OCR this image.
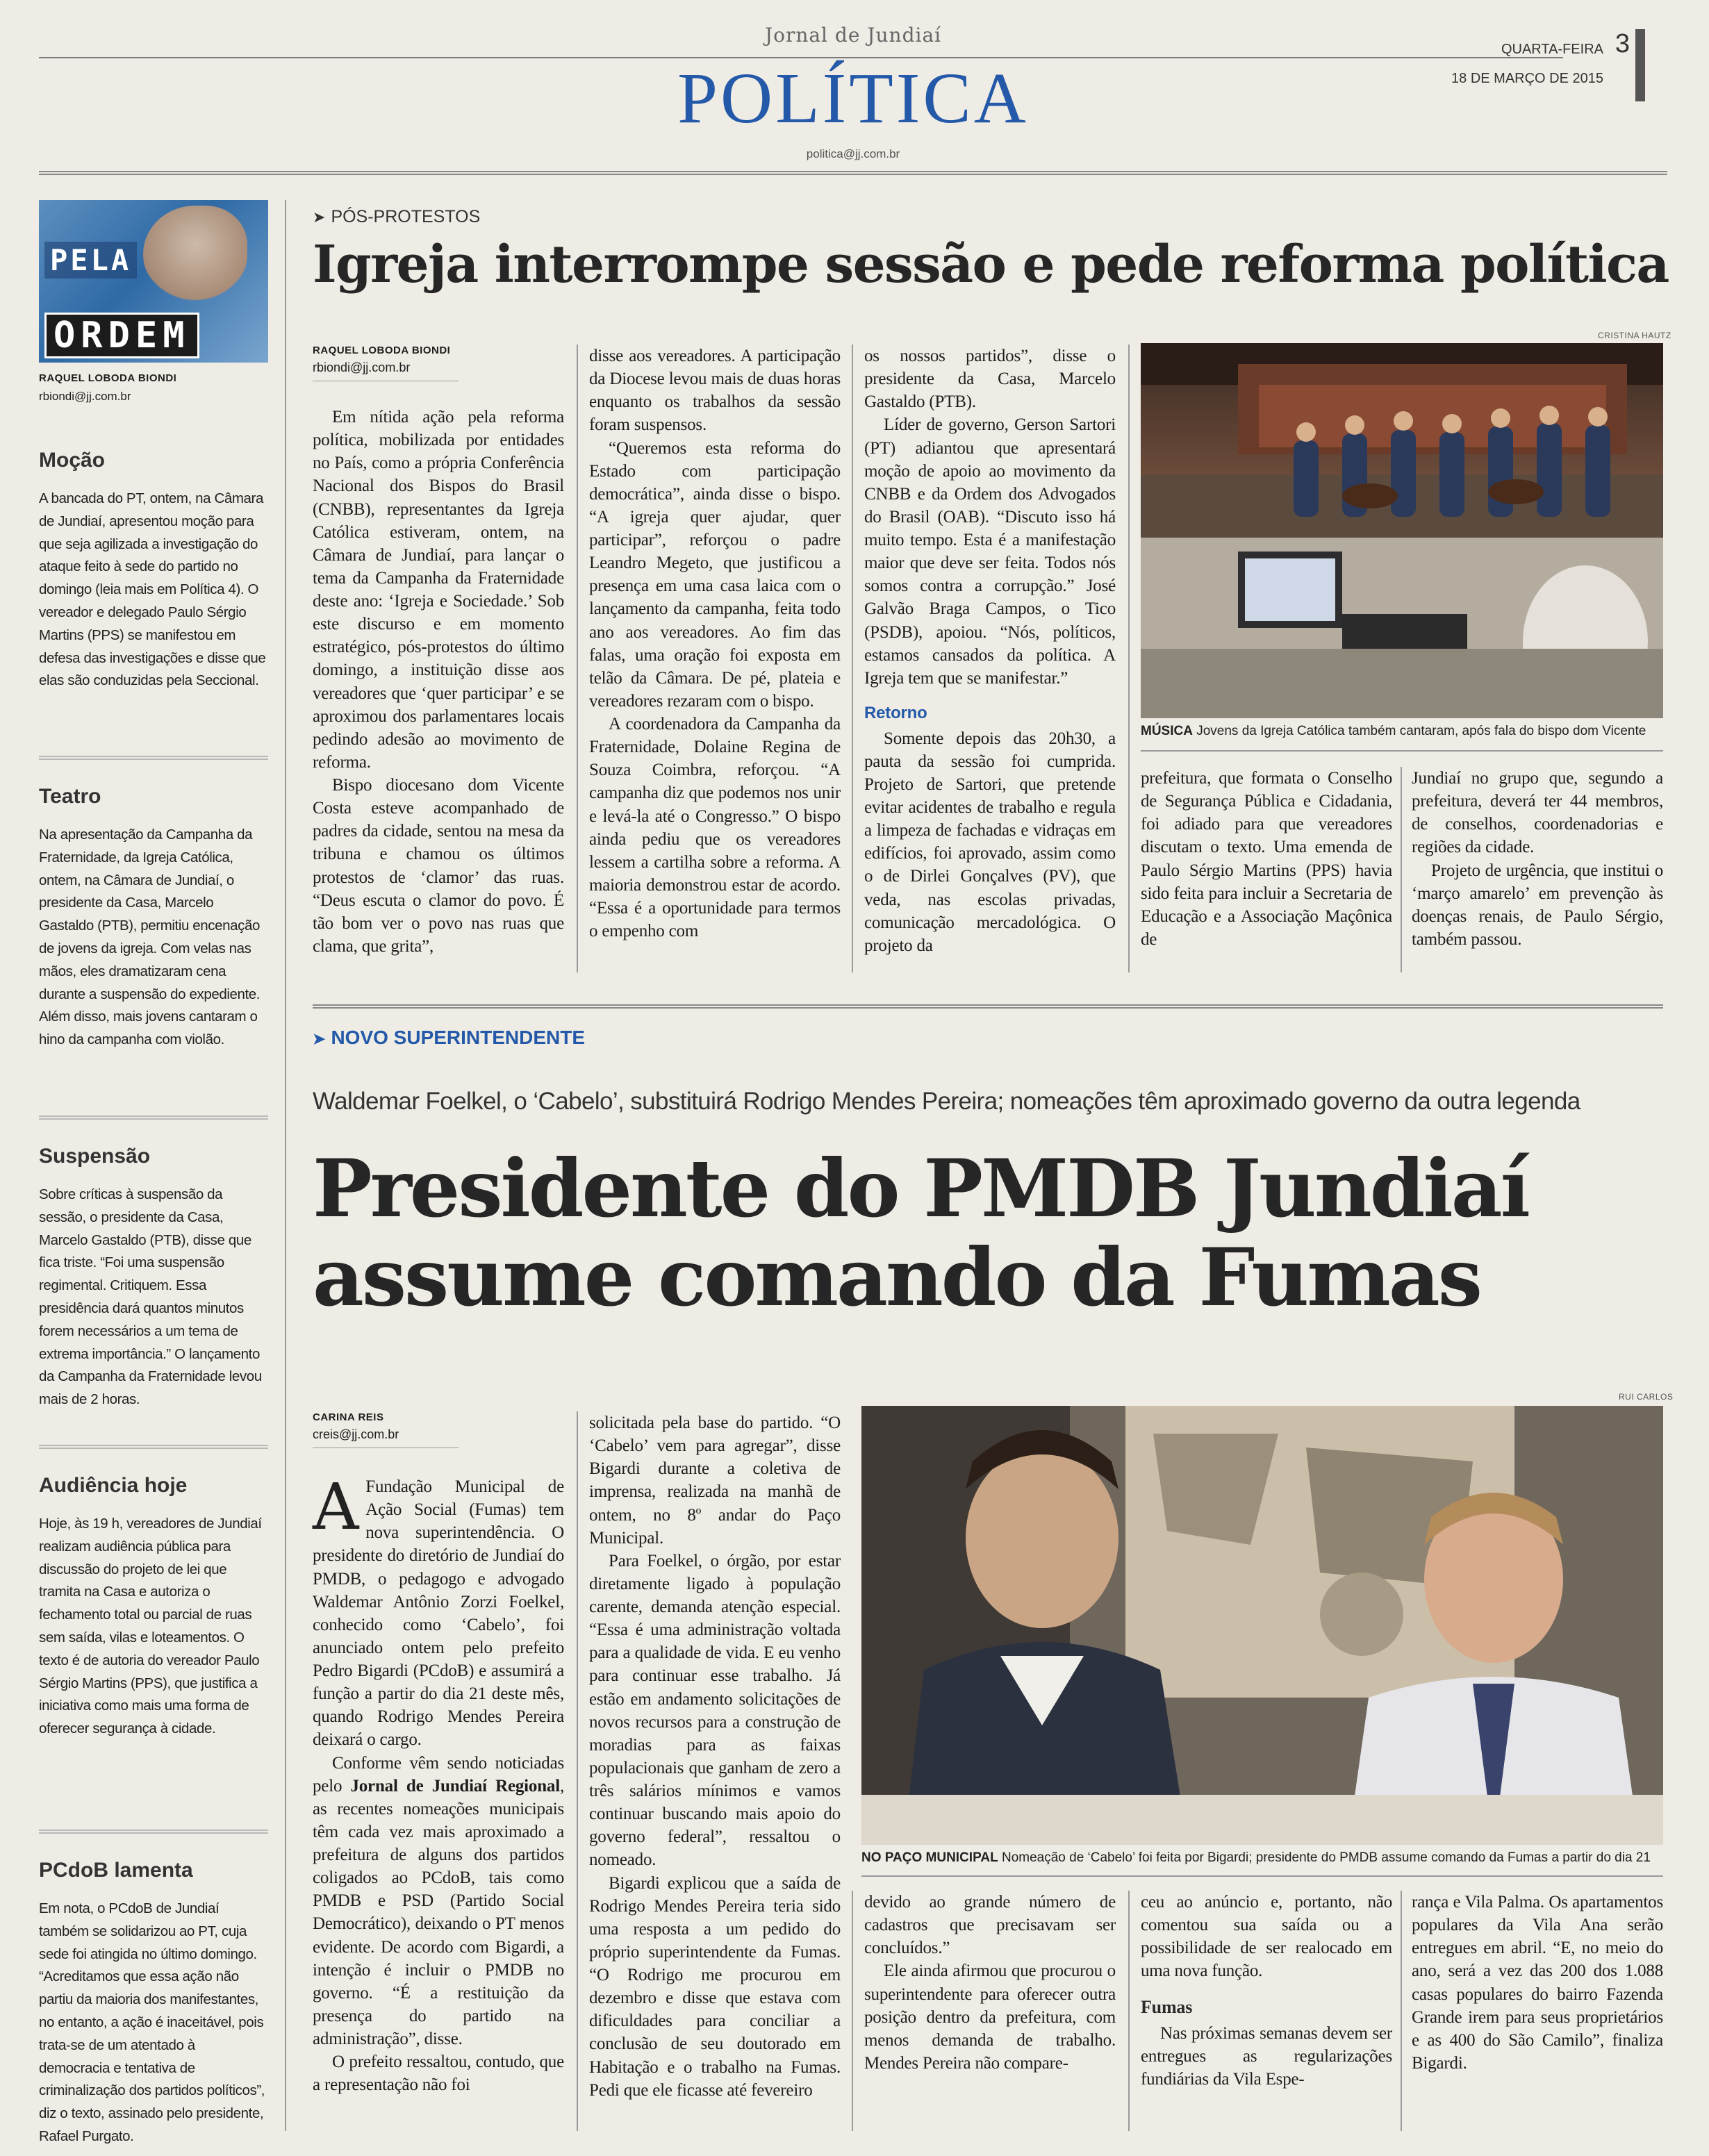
Jornal de Jundiaí
POLÍTICA
politica@jj.com.br
QUARTA-FEIRA
18 DE MARÇO DE 2015
3
PELA
ORDEM
RAQUEL LOBODA BIONDI
rbiondi@jj.com.br
Moção
A bancada do PT, ontem, na Câmara de Jundiaí, apresentou moção para que seja agilizada a investigação do ataque feito à sede do partido no domingo (leia mais em Política 4). O vereador e delegado Paulo Sérgio Martins (PPS) se manifestou em defesa das investigações e disse que elas são conduzidas pela Seccional.
Teatro
Na apresentação da Campanha da Fraternidade, da Igreja Católica, ontem, na Câmara de Jundiaí, o presidente da Casa, Marcelo Gastaldo (PTB), permitiu encenação de jovens da igreja. Com velas nas mãos, eles dramatizaram cena durante a suspensão do expediente. Além disso, mais jovens cantaram o hino da campanha com violão.
Suspensão
Sobre críticas à suspensão da sessão, o presidente da Casa, Marcelo Gastaldo (PTB), disse que fica triste. “Foi uma suspensão regimental. Critiquem. Essa presidência dará quantos minutos forem necessários a um tema de extrema importância.” O lançamento da Campanha da Fraternidade levou mais de 2 horas.
Audiência hoje
Hoje, às 19 h, vereadores de Jundiaí realizam audiência pública para discussão do projeto de lei que tramita na Casa e autoriza o fechamento total ou parcial de ruas sem saída, vilas e loteamentos. O texto é de autoria do vereador Paulo Sérgio Martins (PPS), que justifica a iniciativa como mais uma forma de oferecer segurança à cidade.
PCdoB lamenta
Em nota, o PCdoB de Jundiaí também se solidarizou ao PT, cuja sede foi atingida no último domingo. “Acreditamos que essa ação não partiu da maioria dos manifestantes, no entanto, a ação é inaceitável, pois trata-se de um atentado à democracia e tentativa de criminalização dos partidos políticos”, diz o texto, assinado pelo presidente, Rafael Purgato.
➤ PÓS-PROTESTOS
Igreja interrompe sessão e pede reforma política
RAQUEL LOBODA BIONDI
rbiondi@jj.com.br

Em nítida ação pela reforma política, mobilizada por entidades no País, como a própria Conferência Nacional dos Bispos do Brasil (CNBB), representantes da Igreja Católica estiveram, ontem, na Câmara de Jundiaí, para lançar o tema da Campanha da Fraternidade deste ano: ‘Igreja e Sociedade.’ Sob este discurso e em momento estratégico, pós-protestos do último domingo, a instituição disse aos vereadores que ‘quer participar’ e se aproximou dos parlamentares locais pedindo adesão ao movimento de reforma.

Bispo diocesano dom Vicente Costa esteve acompanhado de padres da cidade, sentou na mesa da tribuna e chamou os últimos protestos de ‘clamor’ das ruas. “Deus escuta o clamor do povo. É tão bom ver o povo nas ruas que clama, que grita”,

disse aos vereadores. A participação da Diocese levou mais de duas horas enquanto os trabalhos da sessão foram suspensos.

“Queremos esta reforma do Estado com participação democrática”, ainda disse o bispo. “A igreja quer ajudar, quer participar”, reforçou o padre Leandro Megeto, que justificou a presença em uma casa laica com o lançamento da campanha, feita todo ano aos vereadores. Ao fim das falas, uma oração foi exposta em telão da Câmara. De pé, plateia e vereadores rezaram com o bispo.

A coordenadora da Campanha da Fraternidade, Dolaine Regina de Souza Coimbra, reforçou. “A campanha diz que podemos nos unir e levá-la até o Congresso.” O bispo ainda pediu que os vereadores lessem a cartilha sobre a reforma. A maioria demonstrou estar de acordo. “Essa é a oportunidade para termos o empenho com

os nossos partidos”, disse o presidente da Casa, Marcelo Gastaldo (PTB).

Líder de governo, Gerson Sartori (PT) adiantou que apresentará moção de apoio ao movimento da CNBB e da Ordem dos Advogados do Brasil (OAB). “Discuto isso há muito tempo. Esta é a manifestação maior que deve ser feita. Todos nós somos contra a corrupção.” José Galvão Braga Campos, o Tico (PSDB), apoiou. “Nós, políticos, estamos cansados da política. A Igreja tem que se manifestar.”

Retorno

Somente depois das 20h30, a pauta da sessão foi cumprida. Projeto de Sartori, que pretende evitar acidentes de trabalho e regula a limpeza de fachadas e vidraças em edifícios, foi aprovado, assim como o de Dirlei Gonçalves (PV), que veda, nas escolas privadas, comunicação mercadológica. O projeto da

CRISTINA HAUTZ
MÚSICA Jovens da Igreja Católica também cantaram, após fala do bispo dom Vicente

prefeitura, que formata o Conselho de Segurança Pública e Cidadania, foi adiado para que vereadores discutam o texto. Uma emenda de Paulo Sérgio Martins (PPS) havia sido feita para incluir a Secretaria de Educação e a Associação Maçônica de

Jundiaí no grupo que, segundo a prefeitura, deverá ter 44 membros, de conselhos, coordenadorias e regiões da cidade.

Projeto de urgência, que institui o ‘março amarelo’ em prevenção às doenças renais, de Paulo Sérgio, também passou.

➤ NOVO SUPERINTENDENTE
Waldemar Foelkel, o ‘Cabelo’, substituirá Rodrigo Mendes Pereira; nomeações têm aproximado governo da outra legenda
Presidente do PMDB Jundiaí
assume comando da Fumas
CARINA REIS
creis@jj.com.br

A Fundação Municipal de Ação Social (Fumas) tem nova superintendência. O presidente do diretório de Jundiaí do PMDB, o pedagogo e advogado Waldemar Antônio Zorzi Foelkel, conhecido como ‘Cabelo’, foi anunciado ontem pelo prefeito Pedro Bigardi (PCdoB) e assumirá a função a partir do dia 21 deste mês, quando Rodrigo Mendes Pereira deixará o cargo.

Conforme vêm sendo noticiadas pelo Jornal de Jundiaí Regional, as recentes nomeações municipais têm cada vez mais aproximado a prefeitura de alguns dos partidos coligados ao PCdoB, tais como PMDB e PSD (Partido Social Democrático), deixando o PT menos evidente. De acordo com Bigardi, a intenção é incluir o PMDB no governo. “É a restituição da presença do partido na administração”, disse.

O prefeito ressaltou, contudo, que a representação não foi

solicitada pela base do partido. “O ‘Cabelo’ vem para agregar”, disse Bigardi durante a coletiva de imprensa, realizada na manhã de ontem, no 8º andar do Paço Municipal.

Para Foelkel, o órgão, por estar diretamente ligado à população carente, demanda atenção especial. “Essa é uma administração voltada para a qualidade de vida. E eu venho para continuar esse trabalho. Já estão em andamento solicitações de novos recursos para a construção de moradias para as faixas populacionais que ganham de zero a três salários mínimos e vamos continuar buscando mais apoio do governo federal”, ressaltou o nomeado.

Bigardi explicou que a saída de Rodrigo Mendes Pereira teria sido uma resposta a um pedido do próprio superintendente da Fumas. “O Rodrigo me procurou em dezembro e disse que estava com dificuldades para conciliar a conclusão de seu doutorado em Habitação e o trabalho na Fumas. Pedi que ele ficasse até fevereiro

RUI CARLOS
NO PAÇO MUNICIPAL Nomeação de ‘Cabelo’ foi feita por Bigardi; presidente do PMDB assume comando da Fumas a partir do dia 21

devido ao grande número de cadastros que precisavam ser concluídos.”

Ele ainda afirmou que procurou o superintendente para oferecer outra posição dentro da prefeitura, com menos demanda de trabalho. Mendes Pereira não compare-

ceu ao anúncio e, portanto, não comentou sua saída ou a possibilidade de ser realocado em uma nova função.

Fumas

Nas próximas semanas devem ser entregues as regularizações fundiárias da Vila Espe-

rança e Vila Palma. Os apartamentos populares da Vila Ana serão entregues em abril. “E, no meio do ano, será a vez das 200 dos 1.088 casas populares do bairro Fazenda Grande irem para seus proprietários e as 400 do São Camilo”, finaliza Bigardi.
